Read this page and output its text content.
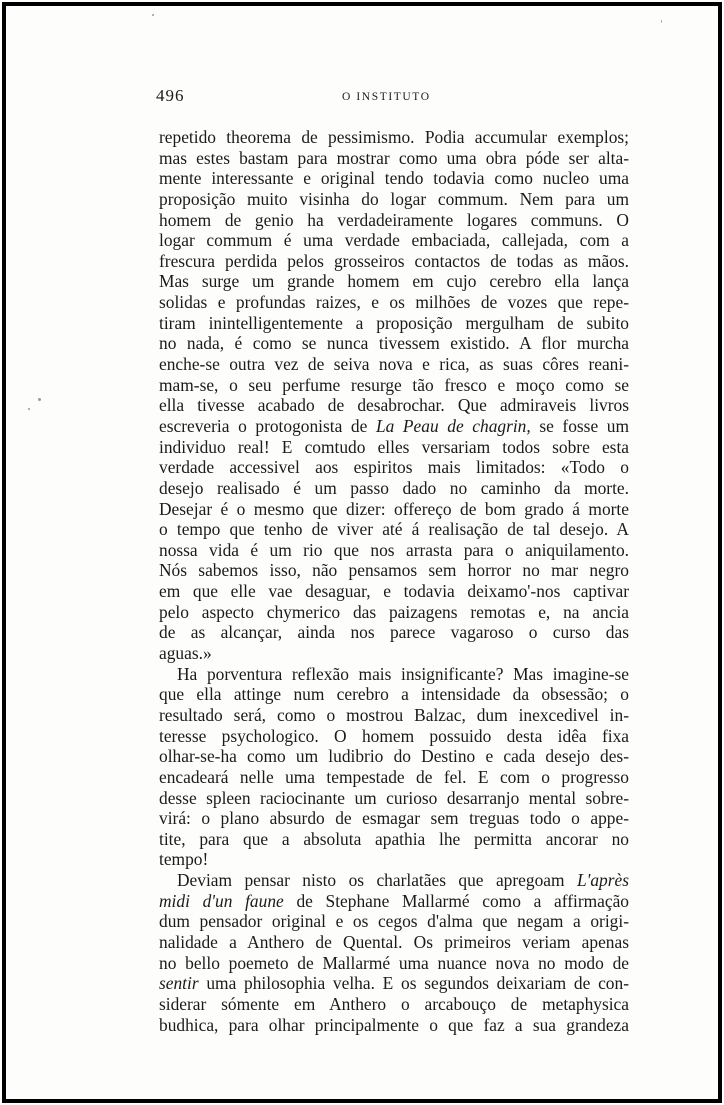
496	O INSTITUTO
repetido theorema de pessimismo. Podia accumular exemplos;
mas estes bastam para mostrar como uma obra póde ser alta-
mente interessante e original tendo todavia como nucleo uma
proposição muito visinha do logar commum. Nem para um
homem de genio ha verdadeiramente logares communs. O
logar commum é uma verdade embaciada, callejada, com a
frescura perdida pelos grosseiros contactos de todas as mãos.
Mas surge um grande homem em cujo cerebro ella lança
solidas e profundas raizes, e os milhões de vozes que repe-
tiram inintelligentemente a proposição mergulham de subito
no nada, é como se nunca tivessem existido. A flor murcha
enche-se outra vez de seiva nova e rica, as suas côres reani-
mam-se, o seu perfume resurge tão fresco e moço como se
ella tivesse acabado de desabrochar. Que admiraveis livros
escreveria o protogonista de La Peau de chagrin, se fosse um
individuo real! E comtudo elles versariam todos sobre esta
verdade accessivel aos espiritos mais limitados: «Todo o
desejo realisado é um passo dado no caminho da morte.
Desejar é o mesmo que dizer: offereço de bom grado á morte
o tempo que tenho de viver até á realisação de tal desejo. A
nossa vida é um rio que nos arrasta para o aniquilamento.
Nós sabemos isso, não pensamos sem horror no mar negro
em que elle vae desaguar, e todavia deixamo'-nos captivar
pelo aspecto chymerico das paizagens remotas e, na ancia
de as alcançar, ainda nos parece vagaroso o curso das
aguas.»
Ha porventura reflexão mais insignificante? Mas imagine-se
que ella attinge num cerebro a intensidade da obsessão; o
resultado será, como o mostrou Balzac, dum inexcedivel in-
teresse psychologico. O homem possuido desta idêa fixa
olhar-se-ha como um ludibrio do Destino e cada desejo des-
encadeará nelle uma tempestade de fel. E com o progresso
desse spleen raciocinante um curioso desarranjo mental sobre-
virá: o plano absurdo de esmagar sem treguas todo o appe-
tite, para que a absoluta apathia lhe permitta ancorar no
tempo!
Deviam pensar nisto os charlatães que apregoam L'après
midi d'un faune de Stephane Mallarmé como a affirmação
dum pensador original e os cegos d'alma que negam a origi-
nalidade a Anthero de Quental. Os primeiros veriam apenas
no bello poemeto de Mallarmé uma nuance nova no modo de
sentir uma philosophia velha. E os segundos deixariam de con-
siderar sómente em Anthero o arcabouço de metaphysica
budhica, para olhar principalmente o que faz a sua grandeza
